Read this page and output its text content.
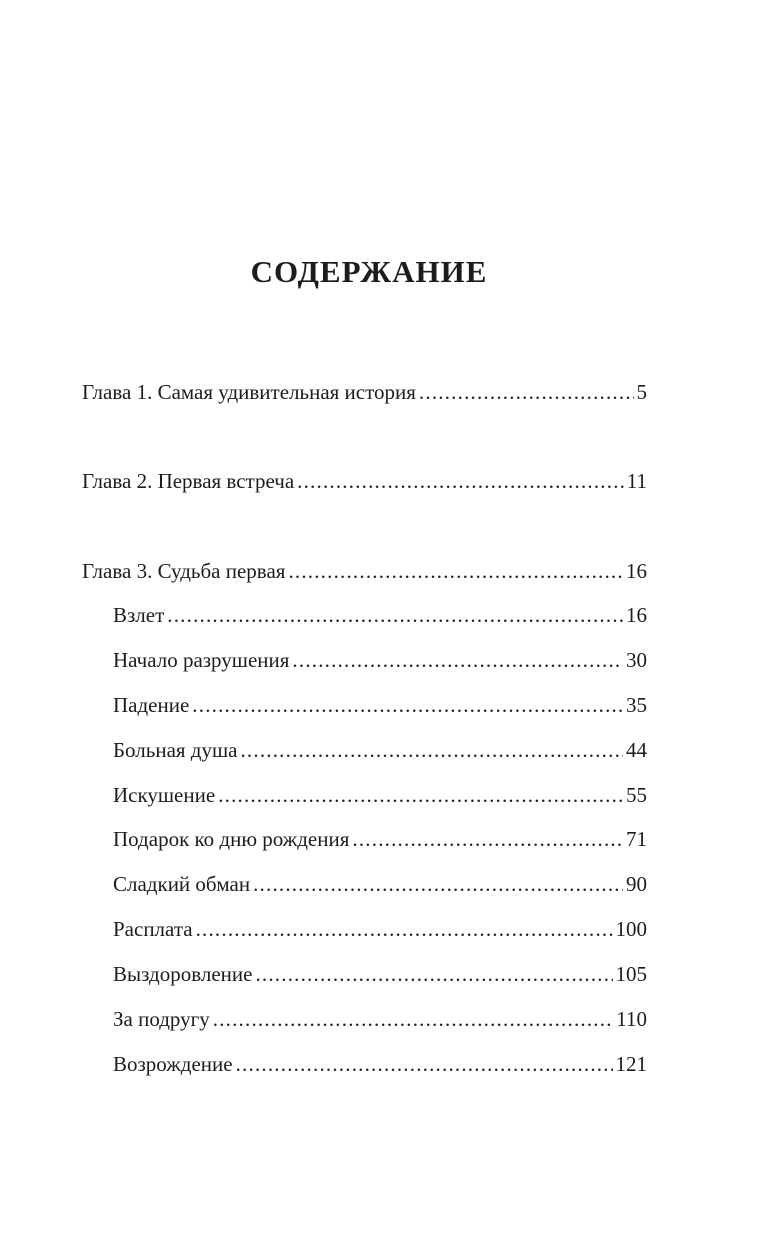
СОДЕРЖАНИЕ
Глава 1. Самая удивительная история .....	5
Глава 2. Первая встреча .....	11
Глава 3. Судьба первая .....	16
Взлет .....	16
Начало разрушения .....	30
Падение .....	35
Больная душа .....	44
Искушение .....	55
Подарок ко дню рождения .....	71
Сладкий обман .....	90
Расплата .....	100
Выздоровление .....	105
За подругу .....	110
Возрождение .....	121
